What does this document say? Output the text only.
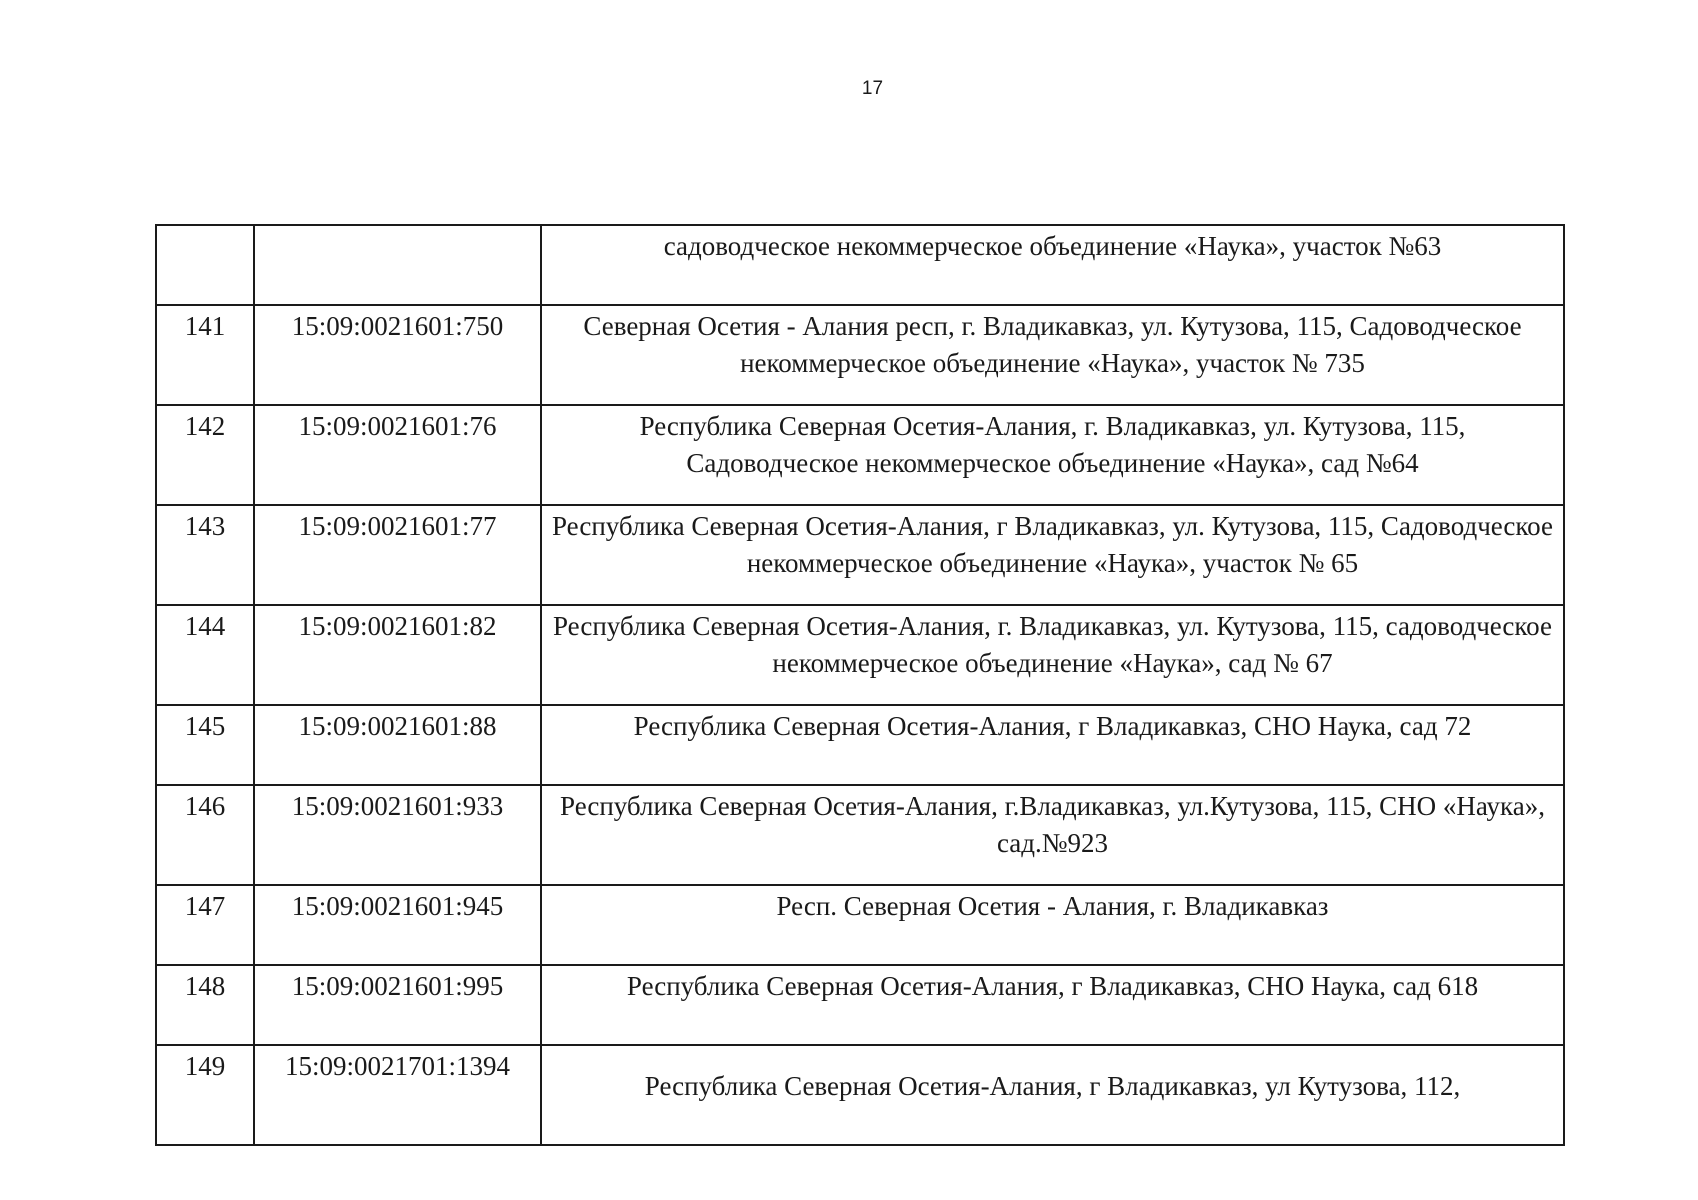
17
		садоводческое некоммерческое объединение «Наука», участок №63
141	15:09:0021601:750	Северная Осетия - Алания респ, г. Владикавказ, ул. Кутузова, 115, Садоводческое некоммерческое объединение «Наука», участок № 735
142	15:09:0021601:76	Республика Северная Осетия-Алания, г. Владикавказ, ул. Кутузова, 115, Садоводческое некоммерческое объединение «Наука», сад №64
143	15:09:0021601:77	Республика Северная Осетия-Алания, г Владикавказ, ул. Кутузова, 115, Садоводческое некоммерческое объединение «Наука», участок № 65
144	15:09:0021601:82	Республика Северная Осетия-Алания, г. Владикавказ, ул. Кутузова, 115, садоводческое некоммерческое объединение «Наука», сад № 67
145	15:09:0021601:88	Республика Северная Осетия-Алания, г Владикавказ, СНО Наука, сад 72
146	15:09:0021601:933	Республика Северная Осетия-Алания, г.Владикавказ, ул.Кутузова, 115, СНО «Наука», сад.№923
147	15:09:0021601:945	Респ. Северная Осетия - Алания, г. Владикавказ
148	15:09:0021601:995	Республика Северная Осетия-Алания, г Владикавказ, СНО Наука, сад 618
149	15:09:0021701:1394	Республика Северная Осетия-Алания, г Владикавказ, ул Кутузова, 112,
